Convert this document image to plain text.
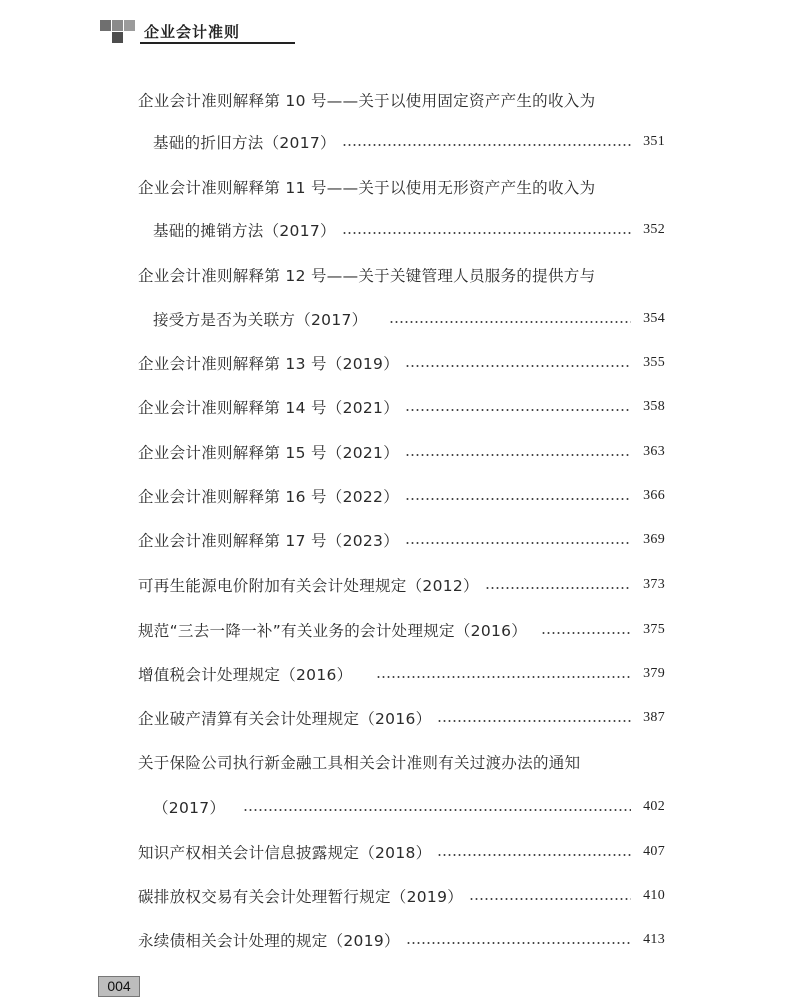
企业会计准则
企业会计准则解释第 10 号——关于以使用固定资产产生的收入为
基础的折旧方法（2017）	351
企业会计准则解释第 11 号——关于以使用无形资产产生的收入为
基础的摊销方法（2017）	352
企业会计准则解释第 12 号——关于关键管理人员服务的提供方与
接受方是否为关联方（2017）	354
企业会计准则解释第 13 号（2019）	355
企业会计准则解释第 14 号（2021）	358
企业会计准则解释第 15 号（2021）	363
企业会计准则解释第 16 号（2022）	366
企业会计准则解释第 17 号（2023）	369
可再生能源电价附加有关会计处理规定（2012）	373
规范“三去一降一补”有关业务的会计处理规定（2016）	375
增值税会计处理规定（2016）	379
企业破产清算有关会计处理规定（2016）	387
关于保险公司执行新金融工具相关会计准则有关过渡办法的通知
（2017）	402
知识产权相关会计信息披露规定（2018）	407
碳排放权交易有关会计处理暂行规定（2019）	410
永续债相关会计处理的规定（2019）	413
004
